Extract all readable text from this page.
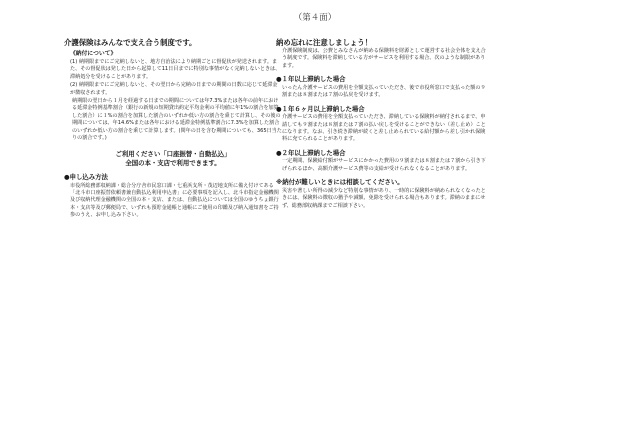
（第４面）
介護保険はみんなで支え合う制度です。
《納付について》
(1) 納期限までにご完納しないと、地方自治法により納期ごとに督促状が発送されます。また、その督促状は発した日から起算して11日目までに特別な事情がなく完納しないときは、滞納処分を受けることがあります。
(2) 納期限までにご完納しないと、その翌日から完納の日までの期間の日数に応じて延滞金が徴収されます。
納期限の翌日から１月を経過する日までの期間については年7.3%または各年の前年における延滞金特例基準割合（銀行の新規の短期貸出約定平均金利の平均値に年1%の割合を加算した割合）に１%の割合を加算した割合のいずれか低い方の割合を乗じて計算し、その後の期間については、年14.6%または各年における延滞金特例基準割合に7.3%を加算した割合のいずれか低い方の割合を乗じて計算します。(閏年の日を含む期間についても、365日当たりの割合です。)
ご利用ください「口座振替・自動払込」
全国の本・支店で利用できます。
●申し込み方法
市役所総務部収納課・総合分庁舎市民窓口課・七重浜支所・茂辺地支所に備え付けてある「北斗市口座振替依頼書兼自動払込利用申込書」に必要事項を記入し、北斗市指定金融機関及び収納代理金融機関の全国の本・支店、または、自動払込については全国のゆうちょ銀行本・支店等及び郵便局で、いずれも預貯金通帳と通帳にご使用の印鑑及び納入通知書をご持参のうえ、お申し込み下さい。
納め忘れに注意しましょう！
介護保険制度は、公費とみなさんが納める保険料を財源として運営する社会全体を支え合う制度です。保険料を滞納している方がサービスを利用する場合、次のような制限があります。
●１年以上滞納した場合
いったん介護サービスの費用を全額支払っていただき、後で市役所窓口で支払った額の９割または８割または７割の払戻を受けます。
●１年６ヶ月以上滞納した場合
介護サービスの費用を全額支払っていただき、滞納している保険料が納付されるまで、申請しても９割または８割または７割の払い戻しを受けることができない（差し止め）ことになります。なお、引き続き滞納が続くと差し止められている給付額から差し引かれ保険料に充てられることがあります。
●２年以上滞納した場合
一定期間、保険給付額がサービスにかかった費用の９割または８割または７割から引き下げられるほか、高額介護サービス費等の支給が受けられなくなることがあります。
※納付が難しいときには相談してください。
災害や著しい所得の減少など特別な事情があり、一時的に保険料が納められなくなったときには、保険料の徴収の猶予や減額、免除を受けられる場合もあります。滞納のままにせず、総務部収納課までご相談下さい。
